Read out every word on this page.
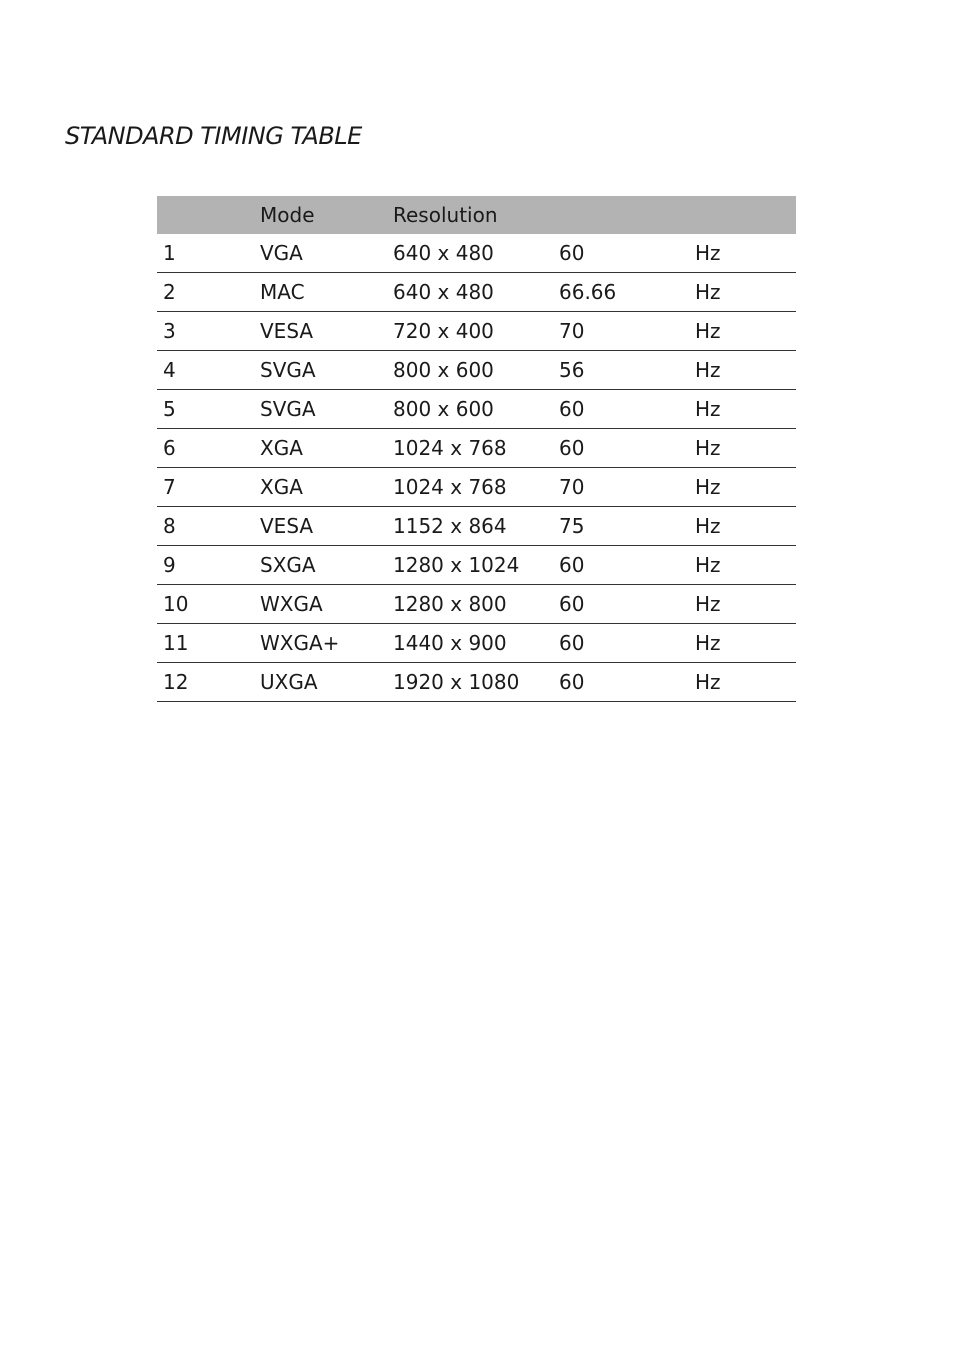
STANDARD TIMING TABLE
	Mode	Resolution		
1	VGA	640 x 480	60	Hz
2	MAC	640 x 480	66.66	Hz
3	VESA	720 x 400	70	Hz
4	SVGA	800 x 600	56	Hz
5	SVGA	800 x 600	60	Hz
6	XGA	1024 x 768	60	Hz
7	XGA	1024 x 768	70	Hz
8	VESA	1152 x 864	75	Hz
9	SXGA	1280 x 1024	60	Hz
10	WXGA	1280 x 800	60	Hz
11	WXGA+	1440 x 900	60	Hz
12	UXGA	1920 x 1080	60	Hz
